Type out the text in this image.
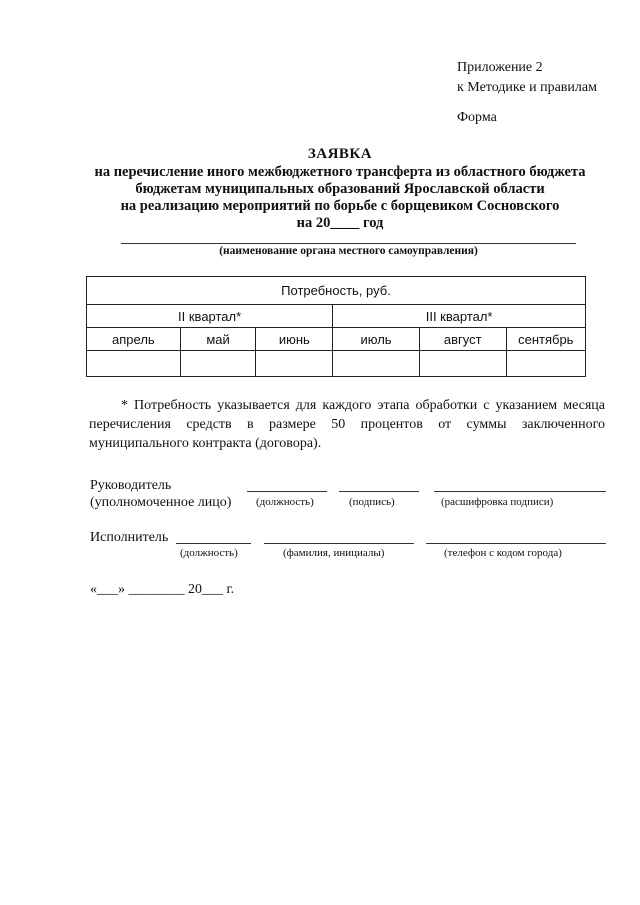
Приложение 2
к Методике и правилам
Форма
ЗАЯВКА
на перечисление иного межбюджетного трансферта из областного бюджета
бюджетам муниципальных образований Ярославской области
на реализацию мероприятий по борьбе с борщевиком Сосновского
на 20____ год
(наименование органа местного самоуправления)
Потребность, руб.					
II квартал*			III квартал*		
апрель	май	июнь	июль	август	сентябрь

* Потребность указывается для каждого этапа обработки с указанием месяца перечисления средств в размере 50 процентов от суммы заключенного муниципального контракта (договора).
Руководитель
(уполномоченное лицо) (должность)	(подпись)	(расшифровка подписи)
Исполнитель
(должность)	(фамилия, инициалы)	(телефон с кодом города)
«___» ________ 20___ г.
